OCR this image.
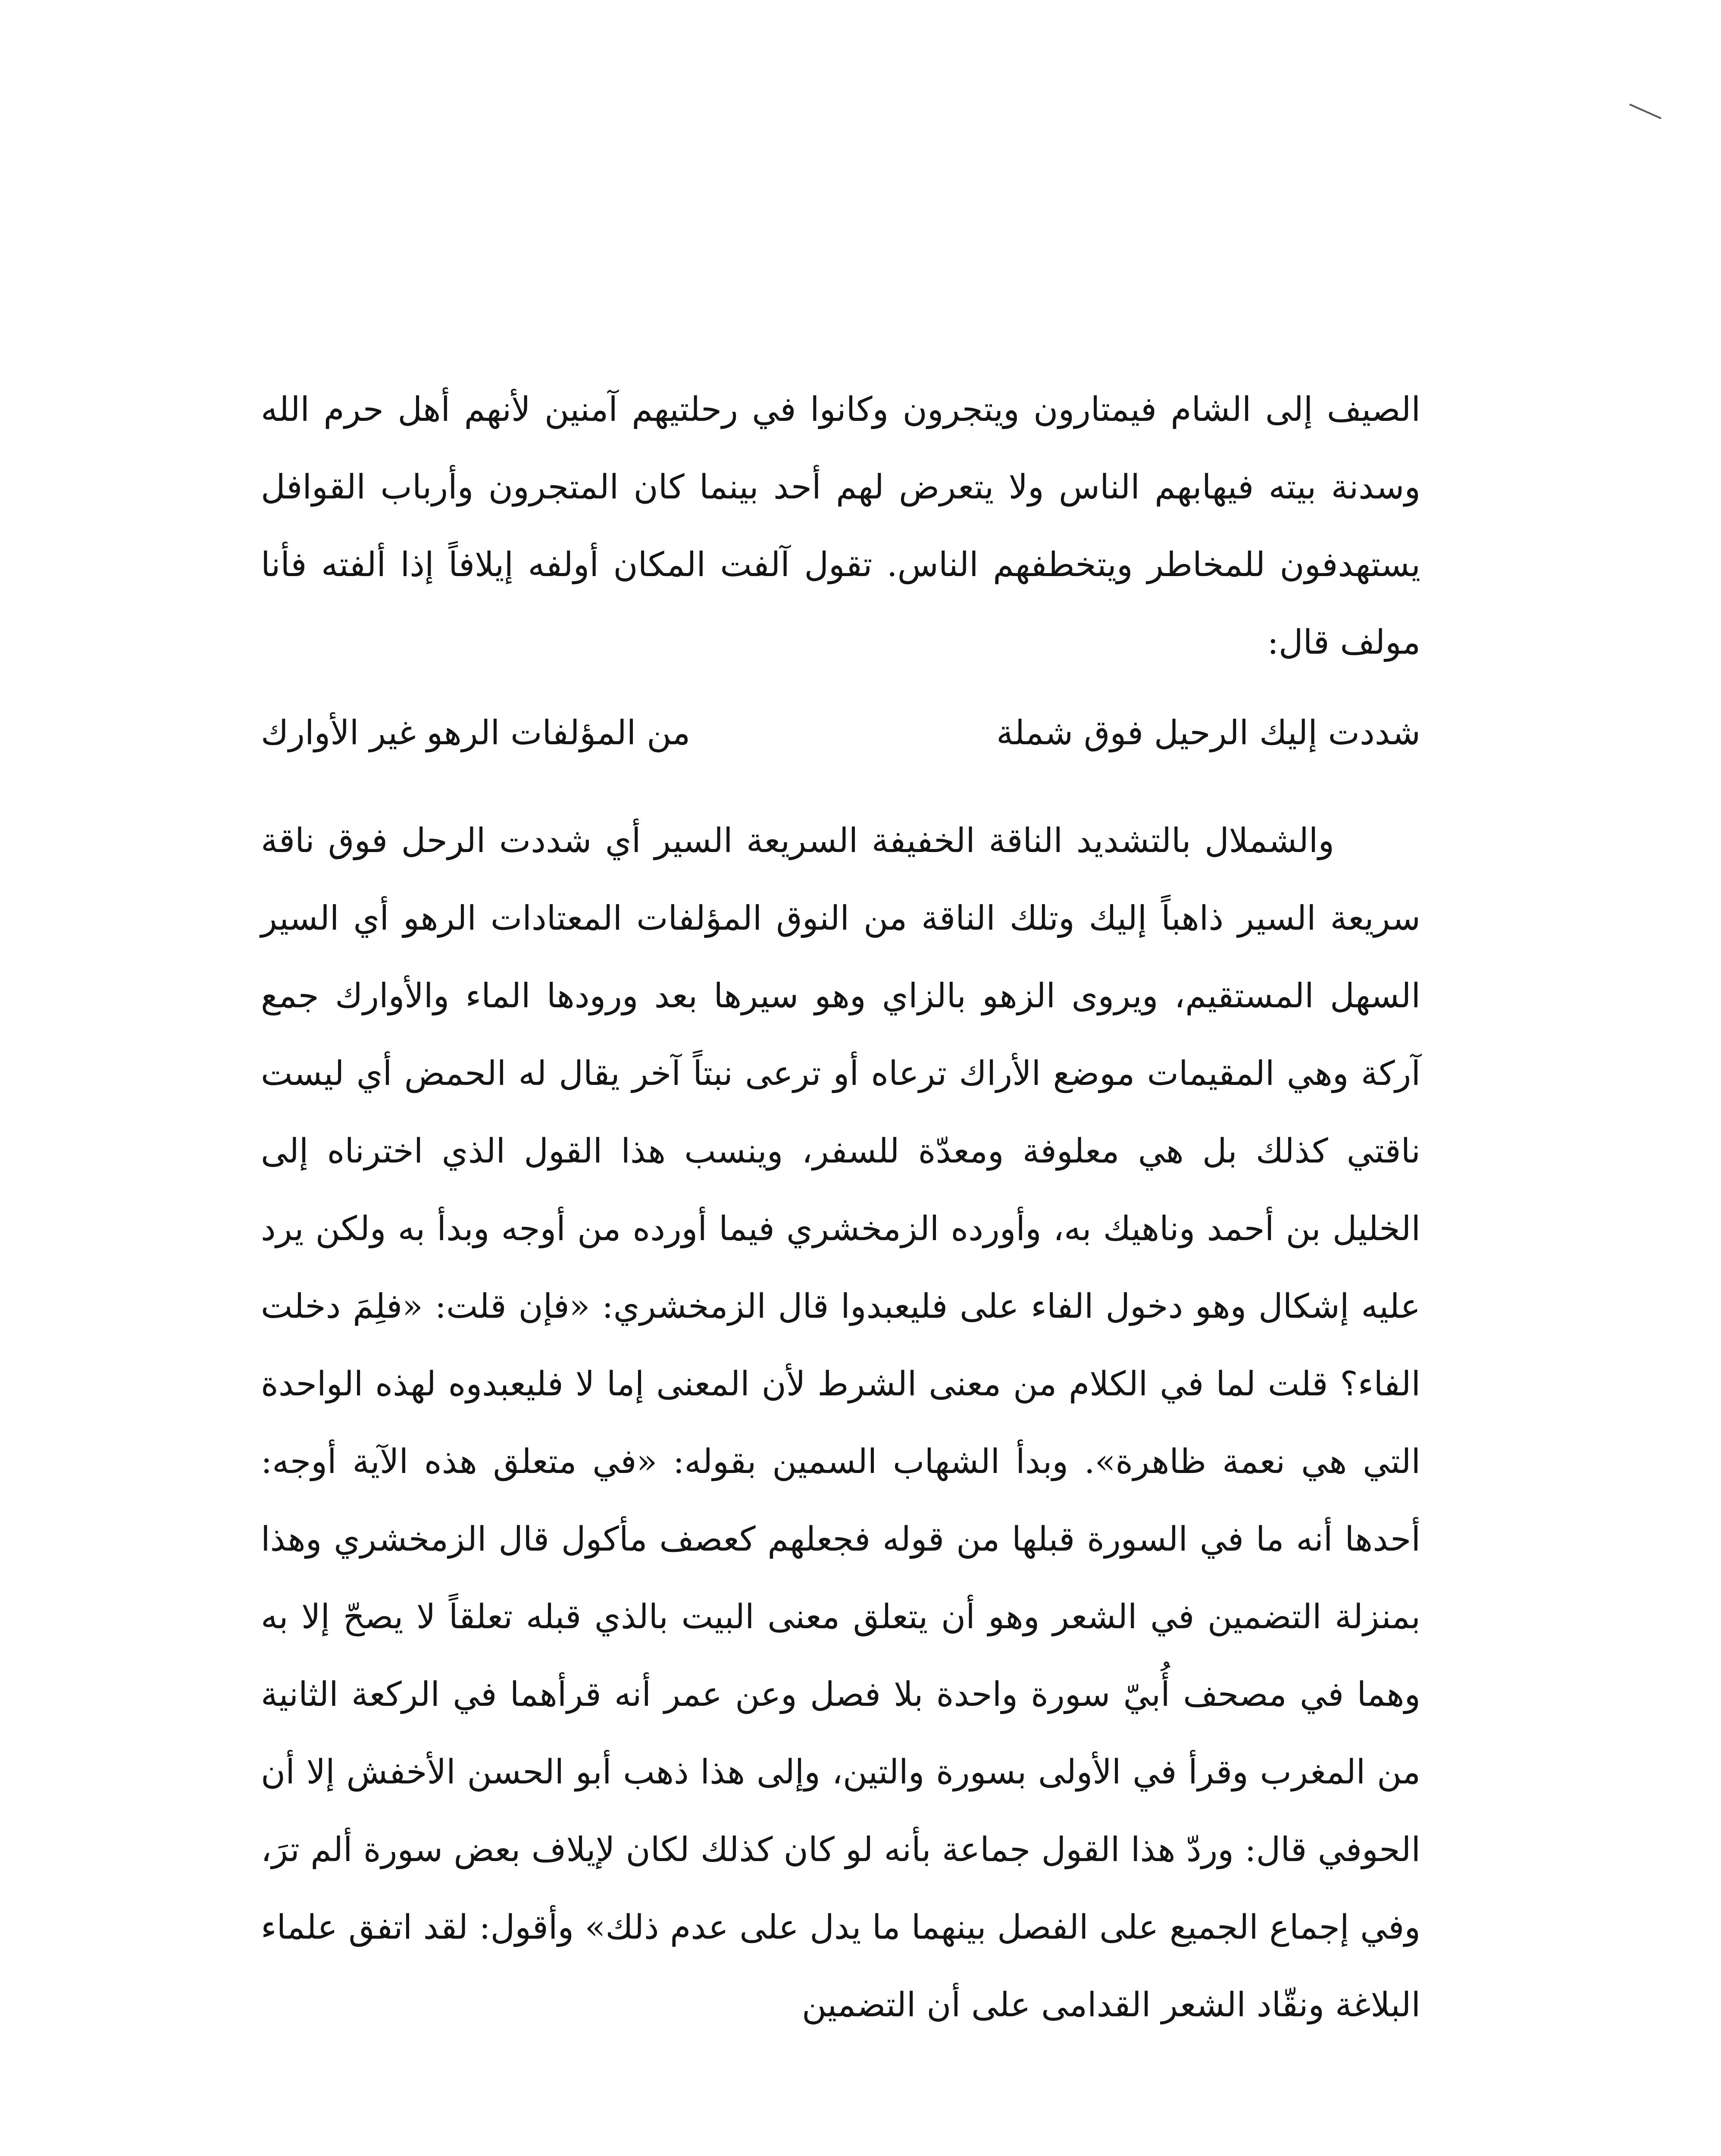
الصيف إلى الشام فيمتارون ويتجرون وكانوا في رحلتيهم آمنين لأنهم أهل حرم الله وسدنة بيته فيهابهم الناس ولا يتعرض لهم أحد بينما كان المتجرون وأرباب القوافل يستهدفون للمخاطر ويتخطفهم الناس. تقول آلفت المكان أولفه إيلافاً إذا ألفته فأنا مولف قال:

شددت إليك الرحيل فوق شملة
من المؤلفات الرهو غير الأوارك

والشملال بالتشديد الناقة الخفيفة السريعة السير أي شددت الرحل فوق ناقة سريعة السير ذاهباً إليك وتلك الناقة من النوق المؤلفات المعتادات الرهو أي السير السهل المستقيم، ويروى الزهو بالزاي وهو سيرها بعد ورودها الماء والأوارك جمع آركة وهي المقيمات موضع الأراك ترعاه أو ترعى نبتاً آخر يقال له الحمض أي ليست ناقتي كذلك بل هي معلوفة ومعدّة للسفر، وينسب هذا القول الذي اخترناه إلى الخليل بن أحمد وناهيك به، وأورده الزمخشري فيما أورده من أوجه وبدأ به ولكن يرد عليه إشكال وهو دخول الفاء على فليعبدوا قال الزمخشري: «فإن قلت: «فلِمَ دخلت الفاء؟ قلت لما في الكلام من معنى الشرط لأن المعنى إما لا فليعبدوه لهذه الواحدة التي هي نعمة ظاهرة». وبدأ الشهاب السمين بقوله: «في متعلق هذه الآية أوجه: أحدها أنه ما في السورة قبلها من قوله فجعلهم كعصف مأكول قال الزمخشري وهذا بمنزلة التضمين في الشعر وهو أن يتعلق معنى البيت بالذي قبله تعلقاً لا يصحّ إلا به وهما في مصحف أُبيّ سورة واحدة بلا فصل وعن عمر أنه قرأهما في الركعة الثانية من المغرب وقرأ في الأولى بسورة والتين، وإلى هذا ذهب أبو الحسن الأخفش إلا أن الحوفي قال: وردّ هذا القول جماعة بأنه لو كان كذلك لكان لإيلاف بعض سورة ألم ترَ، وفي إجماع الجميع على الفصل بينهما ما يدل على عدم ذلك» وأقول: لقد اتفق علماء البلاغة ونقّاد الشعر القدامى على أن التضمين
